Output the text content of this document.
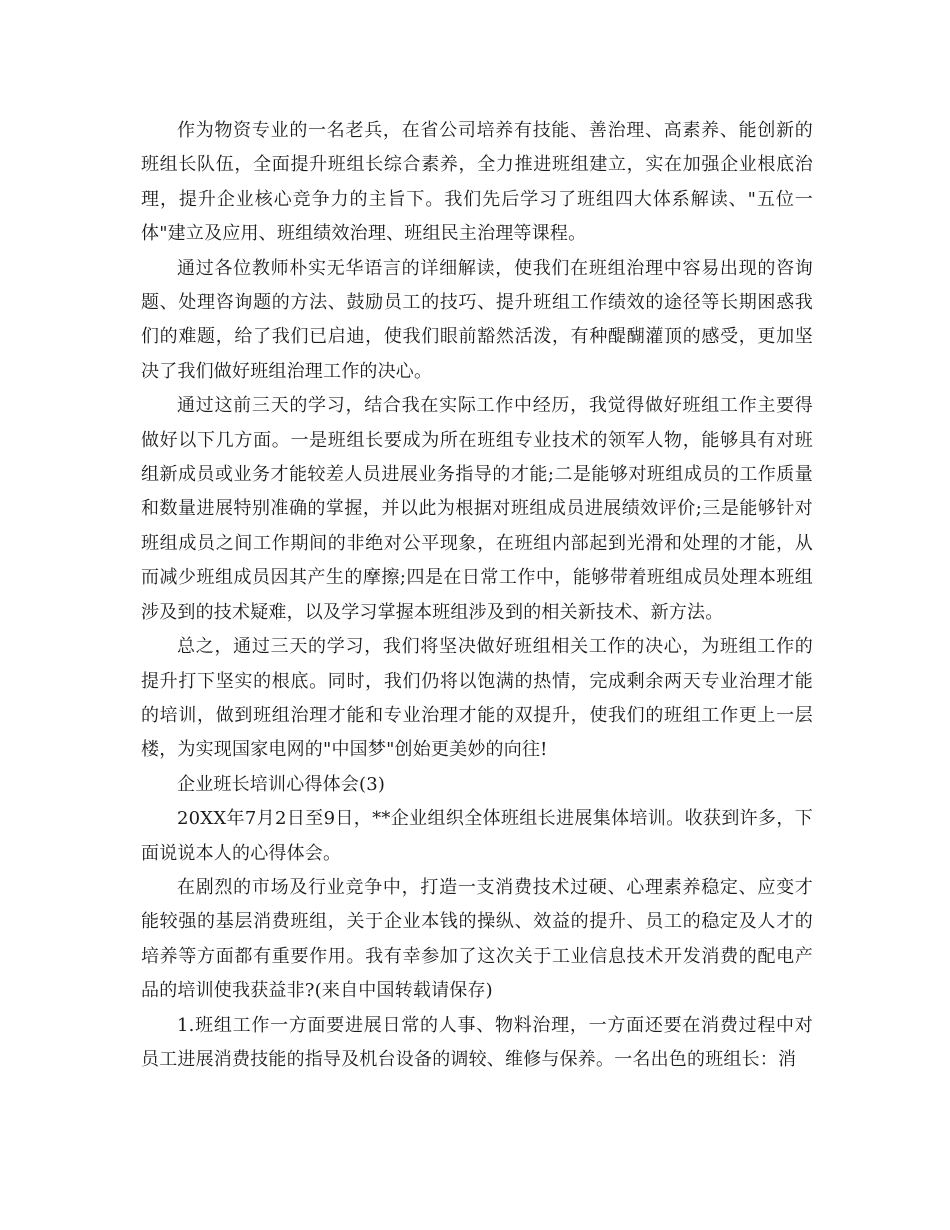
作为物资专业的一名老兵，在省公司培养有技能、善治理、高素养、能创新的班组长队伍，全面提升班组长综合素养，全力推进班组建立，实在加强企业根底治理，提升企业核心竞争力的主旨下。我们先后学习了班组四大体系解读、"五位一体"建立及应用、班组绩效治理、班组民主治理等课程。

通过各位教师朴实无华语言的详细解读，使我们在班组治理中容易出现的咨询题、处理咨询题的方法、鼓励员工的技巧、提升班组工作绩效的途径等长期困惑我们的难题，给了我们已启迪，使我们眼前豁然活泼，有种醍醐灌顶的感受，更加坚决了我们做好班组治理工作的决心。

通过这前三天的学习，结合我在实际工作中经历，我觉得做好班组工作主要得做好以下几方面。一是班组长要成为所在班组专业技术的领军人物，能够具有对班组新成员或业务才能较差人员进展业务指导的才能;二是能够对班组成员的工作质量和数量进展特别准确的掌握，并以此为根据对班组成员进展绩效评价;三是能够针对班组成员之间工作期间的非绝对公平现象，在班组内部起到光滑和处理的才能，从而减少班组成员因其产生的摩擦;四是在日常工作中，能够带着班组成员处理本班组涉及到的技术疑难，以及学习掌握本班组涉及到的相关新技术、新方法。

总之，通过三天的学习，我们将坚决做好班组相关工作的决心，为班组工作的提升打下坚实的根底。同时，我们仍将以饱满的热情，完成剩余两天专业治理才能的培训，做到班组治理才能和专业治理才能的双提升，使我们的班组工作更上一层楼，为实现国家电网的"中国梦"创始更美妙的向往!

企业班长培训心得体会(3)

20XX年7月2日至9日，**企业组织全体班组长进展集体培训。收获到许多，下面说说本人的心得体会。

在剧烈的市场及行业竞争中，打造一支消费技术过硬、心理素养稳定、应变才能较强的基层消费班组，关于企业本钱的操纵、效益的提升、员工的稳定及人才的培养等方面都有重要作用。我有幸参加了这次关于工业信息技术开发消费的配电产品的培训使我获益非?(来自中国转载请保存)

1.班组工作一方面要进展日常的人事、物料治理，一方面还要在消费过程中对员工进展消费技能的指导及机台设备的调较、维修与保养。一名出色的班组长：消
